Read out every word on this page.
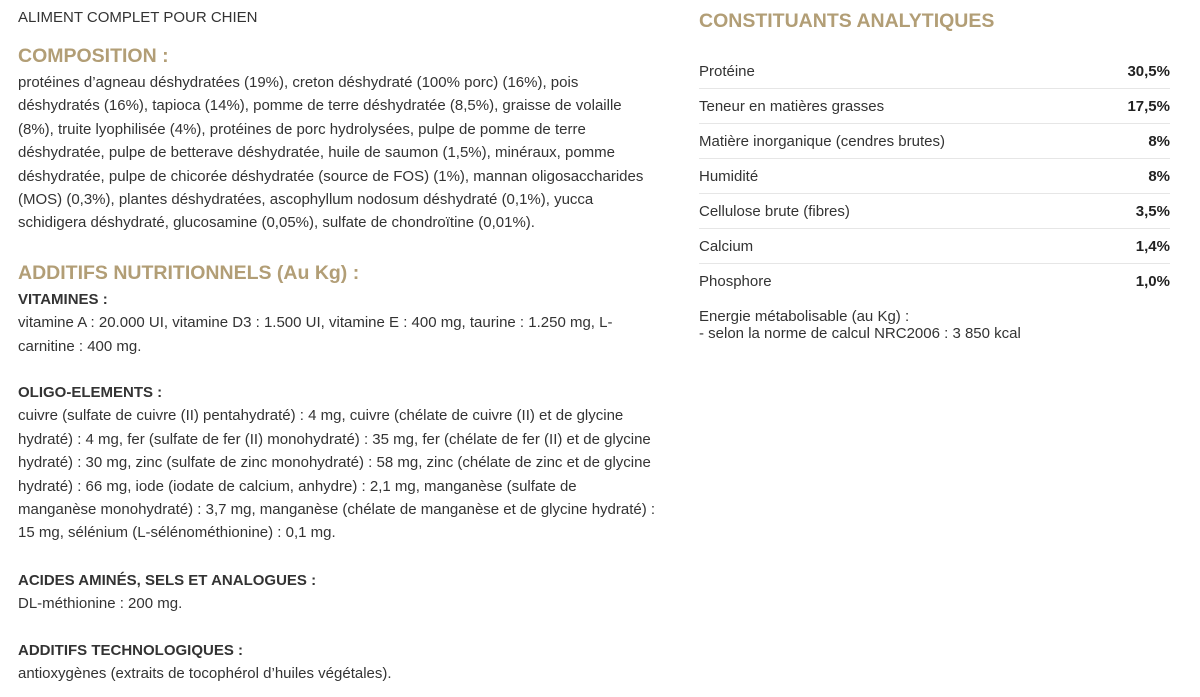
ALIMENT COMPLET POUR CHIEN
COMPOSITION :

protéines d’agneau déshydratées (19%), creton déshydraté (100% porc) (16%), pois

déshydratés (16%), tapioca (14%), pomme de terre déshydratée (8,5%), graisse de volaille

(8%), truite lyophilisée (4%), protéines de porc hydrolysées, pulpe de pomme de terre

déshydratée, pulpe de betterave déshydratée, huile de saumon (1,5%), minéraux, pomme

déshydratée, pulpe de chicorée déshydratée (source de FOS) (1%), mannan oligosaccharides

(MOS) (0,3%), plantes déshydratées, ascophyllum nodosum déshydraté (0,1%), yucca

schidigera déshydraté, glucosamine (0,05%), sulfate de chondroïtine (0,01%).

ADDITIFS NUTRITIONNELS (Au Kg) :

VITAMINES :

vitamine A : 20.000 UI, vitamine D3 : 1.500 UI, vitamine E : 400 mg, taurine : 1.250 mg, L-

carnitine : 400 mg.

OLIGO-ELEMENTS :

cuivre (sulfate de cuivre (II) pentahydraté) : 4 mg, cuivre (chélate de cuivre (II) et de glycine

hydraté) : 4 mg, fer (sulfate de fer (II) monohydraté) : 35 mg, fer (chélate de fer (II) et de glycine

hydraté) : 30 mg, zinc (sulfate de zinc monohydraté) : 58 mg, zinc (chélate de zinc et de glycine

hydraté) : 66 mg, iode (iodate de calcium, anhydre) : 2,1 mg, manganèse (sulfate de

manganèse monohydraté) : 3,7 mg, manganèse (chélate de manganèse et de glycine hydraté) :

15 mg, sélénium (L-sélénométhionine) : 0,1 mg.

ACIDES AMINÉS, SELS ET ANALOGUES :

DL-méthionine : 200 mg.

ADDITIFS TECHNOLOGIQUES :

antioxygènes (extraits de tocophérol d’huiles végétales).

CONSTITUANTS ANALYTIQUES
Protéine	30,5%
Teneur en matières grasses	17,5%
Matière inorganique (cendres brutes)	8%
Humidité	8%
Cellulose brute (fibres)	3,5%
Calcium	1,4%
Phosphore	1,0%

Energie métabolisable (au Kg) :

- selon la norme de calcul NRC2006 : 3 850 kcal
